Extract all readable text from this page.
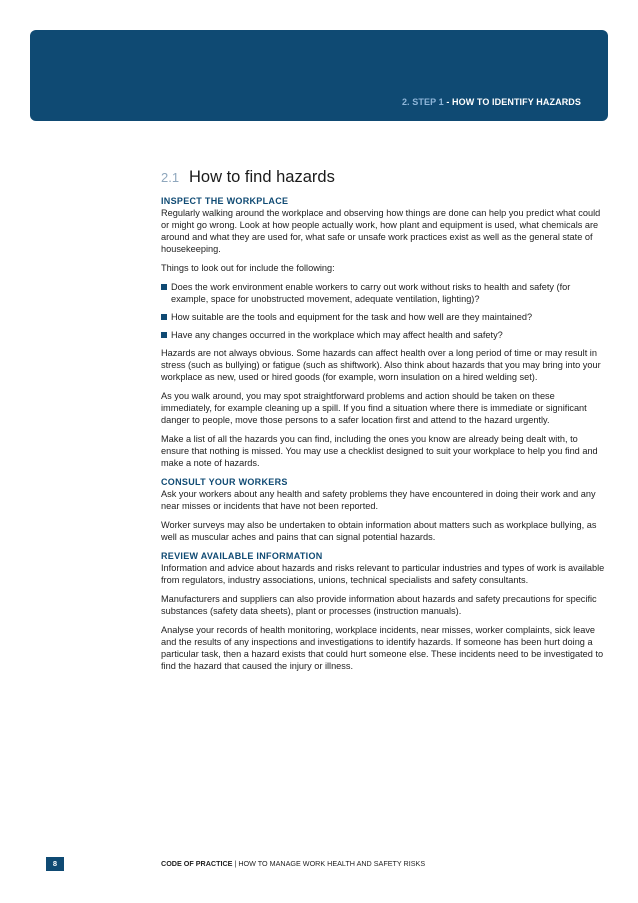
2. STEP 1 - HOW TO IDENTIFY HAZARDS
2.1 How to find hazards
INSPECT THE WORKPLACE

Regularly walking around the workplace and observing how things are done can help you predict what could or might go wrong. Look at how people actually work, how plant and equipment is used, what chemicals are around and what they are used for, what safe or unsafe work practices exist as well as the general state of housekeeping.

Things to look out for include the following:

Does the work environment enable workers to carry out work without risks to health and safety (for example, space for unobstructed movement, adequate ventilation, lighting)?
How suitable are the tools and equipment for the task and how well are they maintained?
Have any changes occurred in the workplace which may affect health and safety?

Hazards are not always obvious. Some hazards can affect health over a long period of time or may result in stress (such as bullying) or fatigue (such as shiftwork). Also think about hazards that you may bring into your workplace as new, used or hired goods (for example, worn insulation on a hired welding set).

As you walk around, you may spot straightforward problems and action should be taken on these immediately, for example cleaning up a spill. If you find a situation where there is immediate or significant danger to people, move those persons to a safer location first and attend to the hazard urgently.

Make a list of all the hazards you can find, including the ones you know are already being dealt with, to ensure that nothing is missed. You may use a checklist designed to suit your workplace to help you find and make a note of hazards.

CONSULT YOUR WORKERS

Ask your workers about any health and safety problems they have encountered in doing their work and any near misses or incidents that have not been reported.

Worker surveys may also be undertaken to obtain information about matters such as workplace bullying, as well as muscular aches and pains that can signal potential hazards.

REVIEW AVAILABLE INFORMATION

Information and advice about hazards and risks relevant to particular industries and types of work is available from regulators, industry associations, unions, technical specialists and safety consultants.

Manufacturers and suppliers can also provide information about hazards and safety precautions for specific substances (safety data sheets), plant or processes (instruction manuals).

Analyse your records of health monitoring, workplace incidents, near misses, worker complaints, sick leave and the results of any inspections and investigations to identify hazards. If someone has been hurt doing a particular task, then a hazard exists that could hurt someone else. These incidents need to be investigated to find the hazard that caused the injury or illness.

8	CODE OF PRACTICE | HOW TO MANAGE WORK HEALTH AND SAFETY RISKS
